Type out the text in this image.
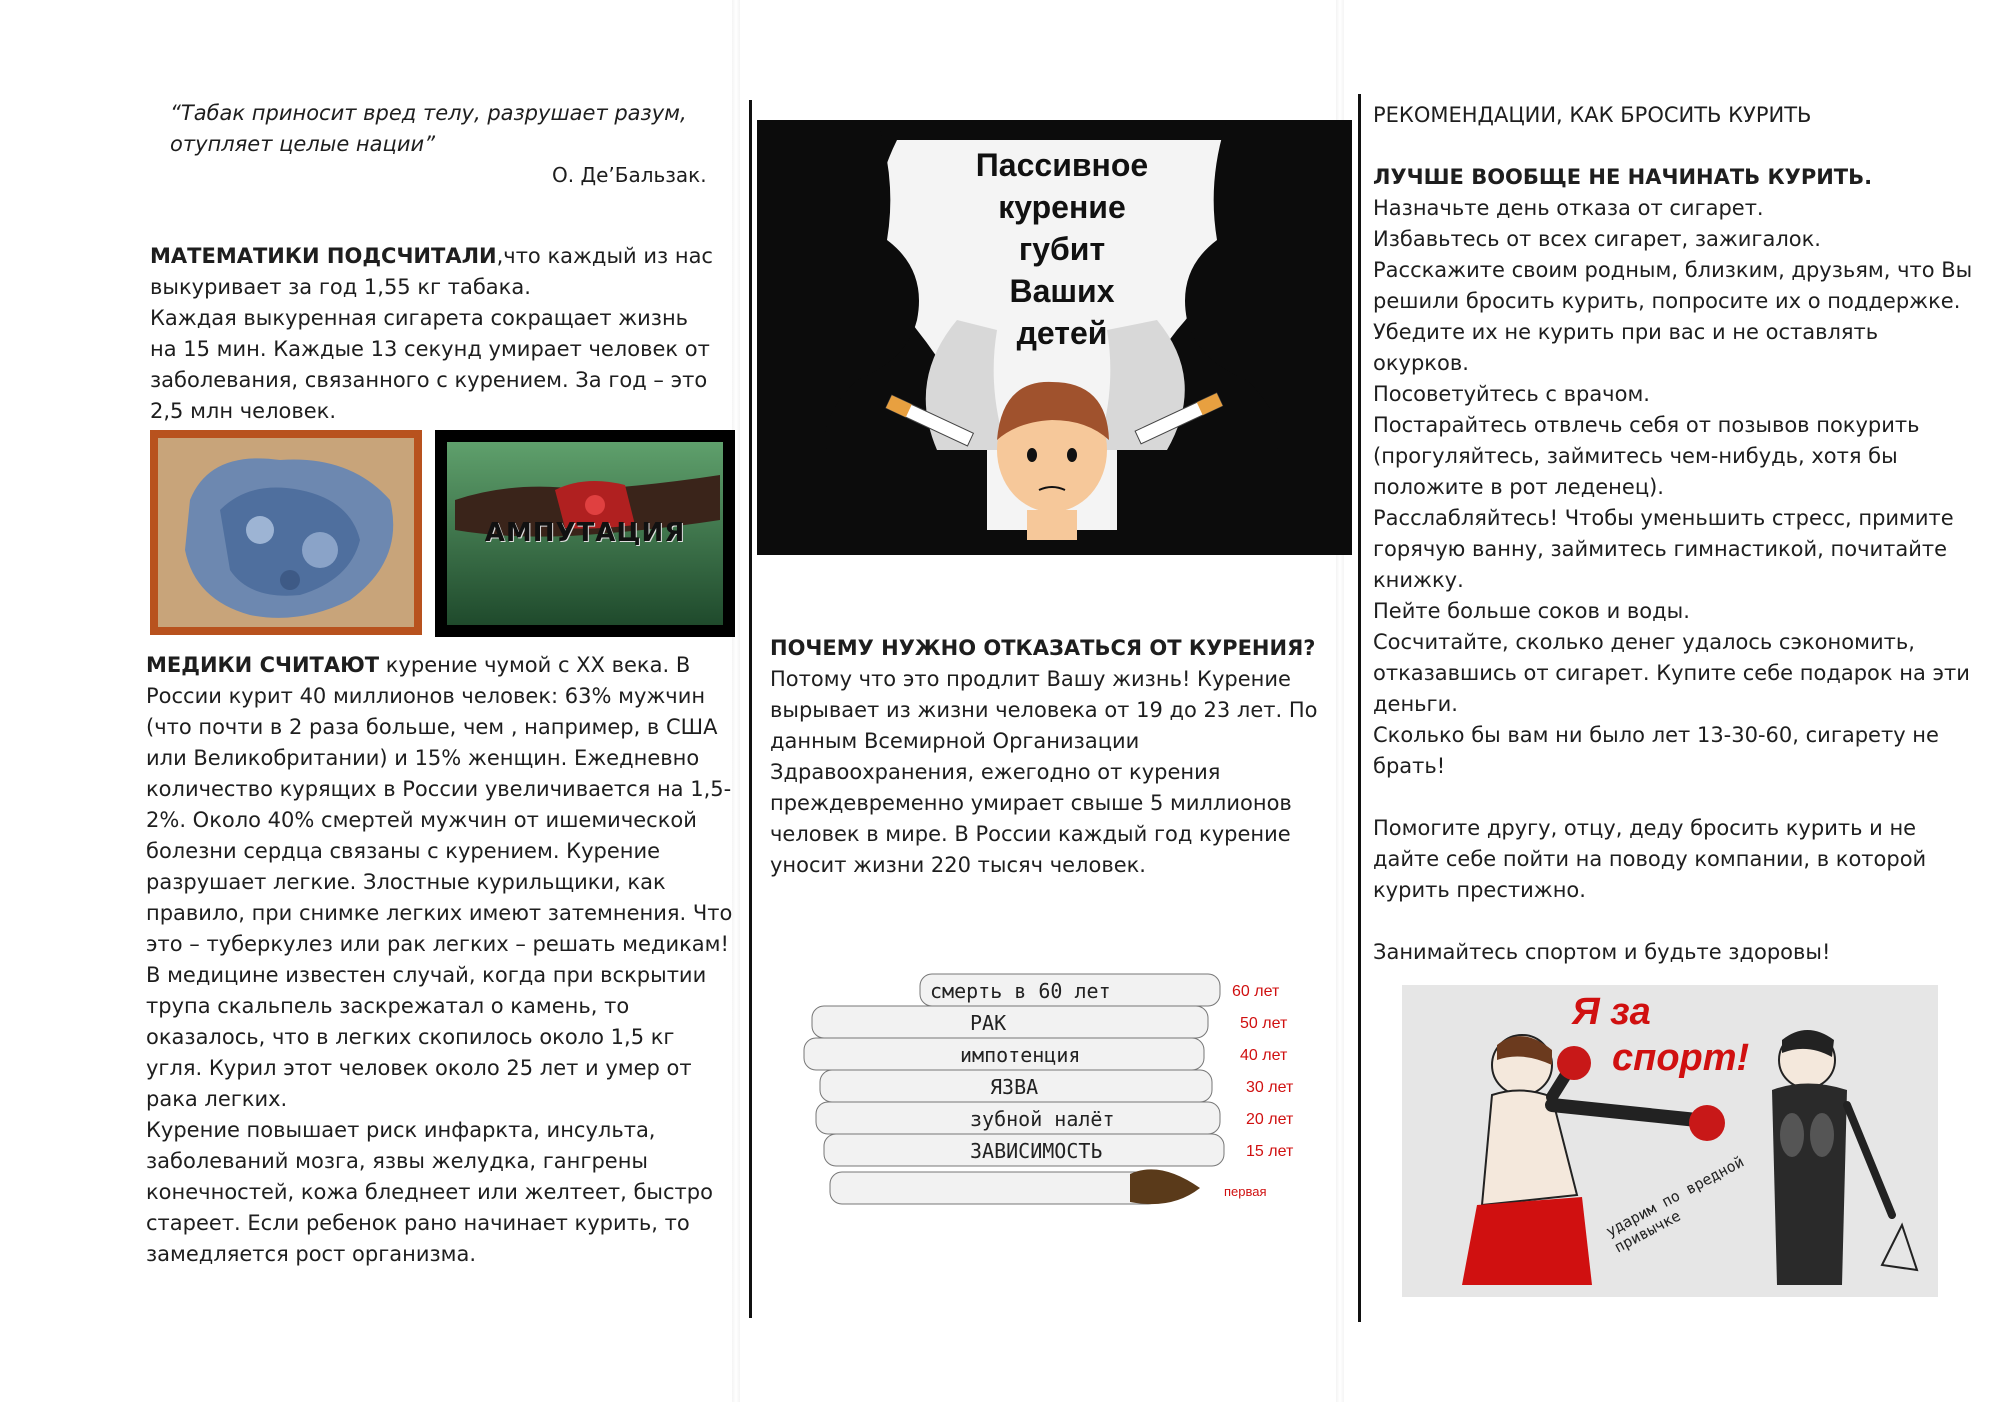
“Табак приносит вред телу, разрушает разум, отупляет целые нации”
О. Де’Бальзак.

МАТЕМАТИКИ ПОДСЧИТАЛИ,что каждый из нас выкуривает за год 1,55 кг табака.

Каждая выкуренная сигарета сокращает жизнь на 15 мин. Каждые 13 секунд умирает человек от заболевания, связанного с курением. За год – это 2,5 млн человек.

АМПУТАЦИЯ

МЕДИКИ СЧИТАЮТ курение чумой с XX века. В России курит 40 миллионов человек: 63% мужчин (что почти в 2 раза больше, чем , например, в США или Великобритании) и 15% женщин. Ежедневно количество курящих в России увеличивается на 1,5-2%. Около 40% смертей мужчин от ишемической болезни сердца связаны с курением. Курение разрушает легкие. Злостные курильщики, как правило, при снимке легких имеют затемнения. Что это – туберкулез или рак легких – решать медикам! В медицине известен случай, когда при вскрытии трупа скальпель заскрежатал о камень, то оказалось, что в легких скопилось около 1,5 кг угля. Курил этот человек около 25 лет и умер от рака легких.

Курение повышает риск инфаркта, инсульта, заболеваний мозга, язвы желудка, гангрены конечностей, кожа бледнеет или желтеет, быстро стареет. Если ребенок рано начинает курить, то замедляется рост организма.

Пассивное
курение
губит
Ваших
детей

ПОЧЕМУ НУЖНО ОТКАЗАТЬСЯ ОТ КУРЕНИЯ?

Потому что это продлит Вашу жизнь! Курение вырывает из жизни человека от 19 до 23 лет. По данным Всемирной Организации Здравоохранения, ежегодно от курения преждевременно умирает свыше 5 миллионов человек в мире. В России каждый год курение уносит жизни 220 тысяч человек.

смерть в 60 лет	60 лет
РАК	50 лет
импотенция	40 лет
ЯЗВА	30 лет
зубной налёт	20 лет
ЗАВИСИМОСТЬ	15 лет
первая
РЕКОМЕНДАЦИИ, КАК БРОСИТЬ КУРИТЬ

ЛУЧШЕ ВООБЩЕ НЕ НАЧИНАТЬ КУРИТЬ.

Назначьте день отказа от сигарет.

Избавьтесь от всех сигарет, зажигалок.

Расскажите своим родным, близким, друзьям, что Вы решили бросить курить, попросите их о поддержке. Убедите их не курить при вас и не оставлять окурков.

Посоветуйтесь с врачом.

Постарайтесь отвлечь себя от позывов покурить (прогуляйтесь, займитесь чем-нибудь, хотя бы положите в рот леденец).

Расслабляйтесь! Чтобы уменьшить стресс, примите горячую ванну, займитесь гимнастикой, почитайте книжку.

Пейте больше соков и воды.

Сосчитайте, сколько денег удалось сэкономить, отказавшись от сигарет. Купите себе подарок на эти деньги.

Сколько бы вам ни было лет 13-30-60, сигарету не брать!

Помогите другу, отцу, деду бросить курить и не дайте себе пойти на поводу компании, в которой курить престижно.

Занимайтесь спортом и будьте здоровы!

Я за
спорт!
ударим по вредной привычке
